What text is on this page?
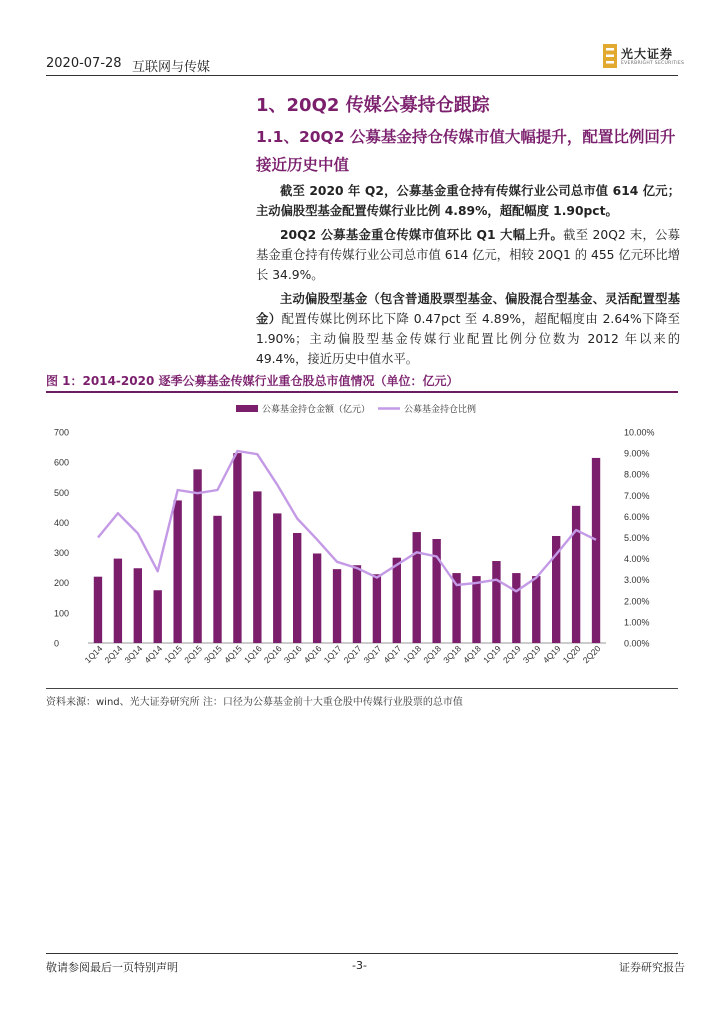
2020-07-28 互联网与传媒
光大证券
EVERBRIGHT SECURITIES
1、20Q2 传媒公募持仓跟踪
1.1、20Q2 公募基金持仓传媒市值大幅提升，配置比例回升接近历史中值
截至 2020 年 Q2，公募基金重仓持有传媒行业公司总市值 614 亿元；主动偏股型基金配置传媒行业比例 4.89%，超配幅度 1.90pct。
20Q2 公募基金重仓传媒市值环比 Q1 大幅上升。截至 20Q2 末，公募基金重仓持有传媒行业公司总市值 614 亿元，相较 20Q1 的 455 亿元环比增长 34.9%。
主动偏股型基金（包含普通股票型基金、偏股混合型基金、灵活配置型基金）配置传媒比例环比下降 0.47pct 至 4.89%，超配幅度由 2.64%下降至 1.90%；主动偏股型基金传媒行业配置比例分位数为 2012 年以来的 49.4%，接近历史中值水平。
图 1：2014-2020 逐季公募基金传媒行业重仓股总市值情况（单位：亿元）
0
100
200
300
400
500
600
700
0.00%
1.00%
2.00%
3.00%
4.00%
5.00%
6.00%
7.00%
8.00%
9.00%
10.00%
1Q14
2Q14
3Q14
4Q14
1Q15
2Q15
3Q15
4Q15
1Q16
2Q16
3Q16
4Q16
1Q17
2Q17
3Q17
4Q17
1Q18
2Q18
3Q18
4Q18
1Q19
2Q19
3Q19
4Q19
1Q20
2Q20
公募基金持仓金额（亿元）	公募基金持仓比例
资料来源：wind、光大证券研究所 注：口径为公募基金前十大重仓股中传媒行业股票的总市值
敬请参阅最后一页特别声明	-3-	证券研究报告
